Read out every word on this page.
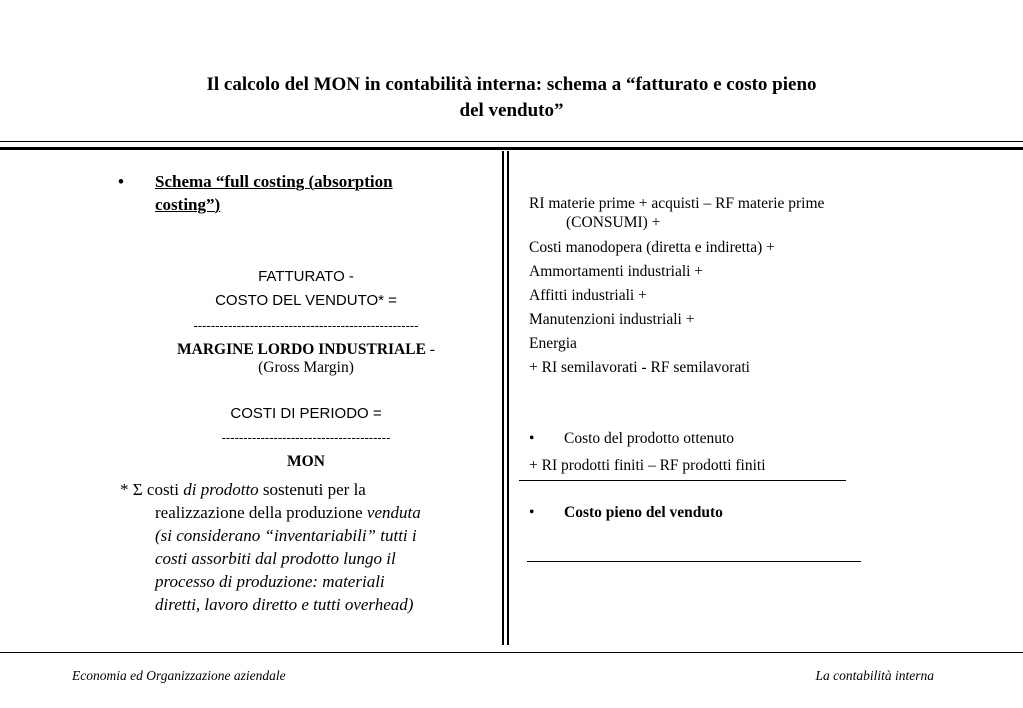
Il calcolo del MON in contabilità interna: schema a “fatturato e costo pieno
del venduto”
• Schema “full costing (absorption
costing”)
FATTURATO -
COSTO DEL VENDUTO* =
----------------------------------------------------
MARGINE LORDO INDUSTRIALE -
(Gross Margin)
COSTI DI PERIODO =
---------------------------------------
MON
* Σ costi di prodotto sostenuti per la
realizzazione della produzione venduta
(si considerano “inventariabili” tutti i
costi assorbiti dal prodotto lungo il
processo di produzione: materiali
diretti, lavoro diretto e tutti overhead)
RI materie prime + acquisti – RF materie prime
(CONSUMI) +
Costi manodopera (diretta e indiretta) +
Ammortamenti industriali +
Affitti industriali +
Manutenzioni industriali +
Energia
+ RI semilavorati - RF semilavorati
• Costo del prodotto ottenuto
+ RI prodotti finiti – RF prodotti finiti
• Costo pieno del venduto
Economia ed Organizzazione aziendale	La contabilità interna
